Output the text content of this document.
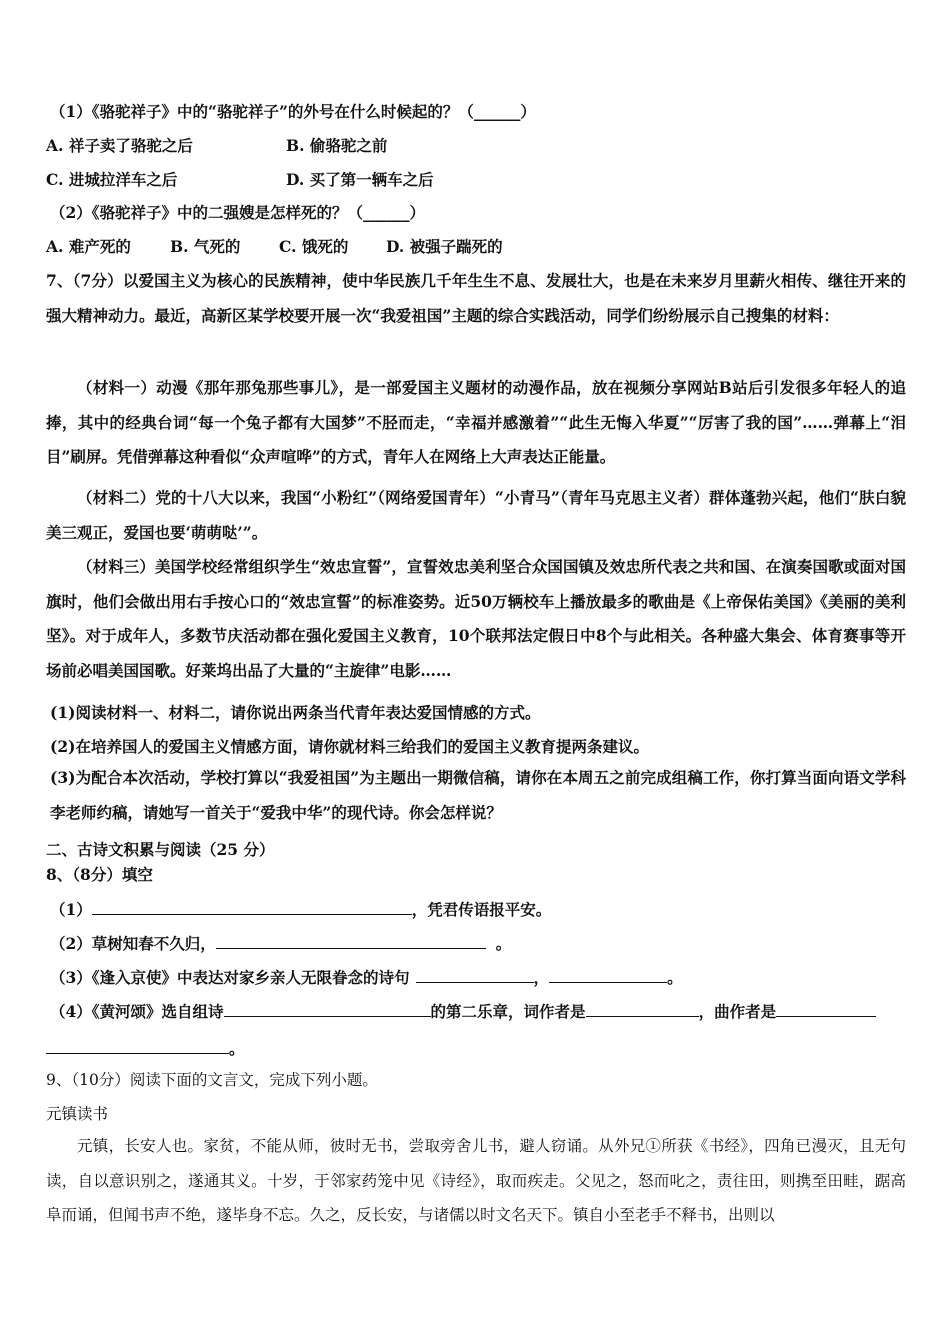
（1）《骆驼祥子》中的“骆驼祥子”的外号在什么时候起的？（______）
A. 祥子卖了骆驼之后	B. 偷骆驼之前
C. 进城拉洋车之后	D. 买了第一辆车之后
（2）《骆驼祥子》中的二强嫂是怎样死的？（______）
A. 难产死的	B. 气死的 C. 饿死的 D. 被强子踹死的
7、（7分）以爱国主义为核心的民族精神，使中华民族几千年生生不息、发展壮大，也是在未来岁月里薪火相传、继往开来的强大精神动力。最近，高新区某学校要开展一次“我爱祖国”主题的综合实践活动，同学们纷纷展示自己搜集的材料：
（材料一）动漫《那年那兔那些事儿》，是一部爱国主义题材的动漫作品，放在视频分享网站B站后引发很多年轻人的追捧，其中的经典台词“每一个兔子都有大国梦”不胫而走，“幸福并感激着”“此生无悔入华夏”“厉害了我的国”……弹幕上“泪目”刷屏。凭借弹幕这种看似“众声喧哗”的方式，青年人在网络上大声表达正能量。
（材料二）党的十八大以来，我国“小粉红”（网络爱国青年）“小青马”（青年马克思主义者）群体蓬勃兴起，他们“肤白貌美三观正，爱国也要‘萌萌哒’”。
（材料三）美国学校经常组织学生“效忠宣誓”，宣誓效忠美利坚合众国国镇及效忠所代表之共和国、在演奏国歌或面对国旗时，他们会做出用右手按心口的“效忠宣誓”的标准姿势。近50万辆校车上播放最多的歌曲是《上帝保佑美国》《美丽的美利坚》。对于成年人，多数节庆活动都在强化爱国主义教育，10个联邦法定假日中8个与此相关。各种盛大集会、体育赛事等开场前必唱美国国歌。好莱坞出品了大量的“主旋律”电影……
(1)阅读材料一、材料二，请你说出两条当代青年表达爱国情感的方式。
(2)在培养国人的爱国主义情感方面，请你就材料三给我们的爱国主义教育提两条建议。
(3)为配合本次活动，学校打算以“我爱祖国”为主题出一期微信稿，请你在本周五之前完成组稿工作，你打算当面向语文学科李老师约稿，请她写一首关于“爱我中华”的现代诗。你会怎样说？
二、古诗文积累与阅读（25 分）
8、（8分）填空
（1）	，凭君传语报平安。
（2）草树知春不久归，	。
（3）《逢入京使》中表达对家乡亲人无限眷念的诗句	，	。
（4）《黄河颂》选自组诗	的第二乐章，词作者是	，曲作者是
。
9、（10分）阅读下面的文言文，完成下列小题。
元镇读书
元镇，长安人也。家贫，不能从师，彼时无书，尝取旁舍儿书，避人窃诵。从外兄①所获《书经》，四角已漫灭，且无句读，自以意识别之，遂通其义。十岁，于邻家药笼中见《诗经》，取而疾走。父见之，怒而叱之，责往田，则携至田畦，踞高阜而诵，但闻书声不绝，遂毕身不忘。久之，反长安，与诸儒以时文名天下。镇自小至老手不释书，出则以
